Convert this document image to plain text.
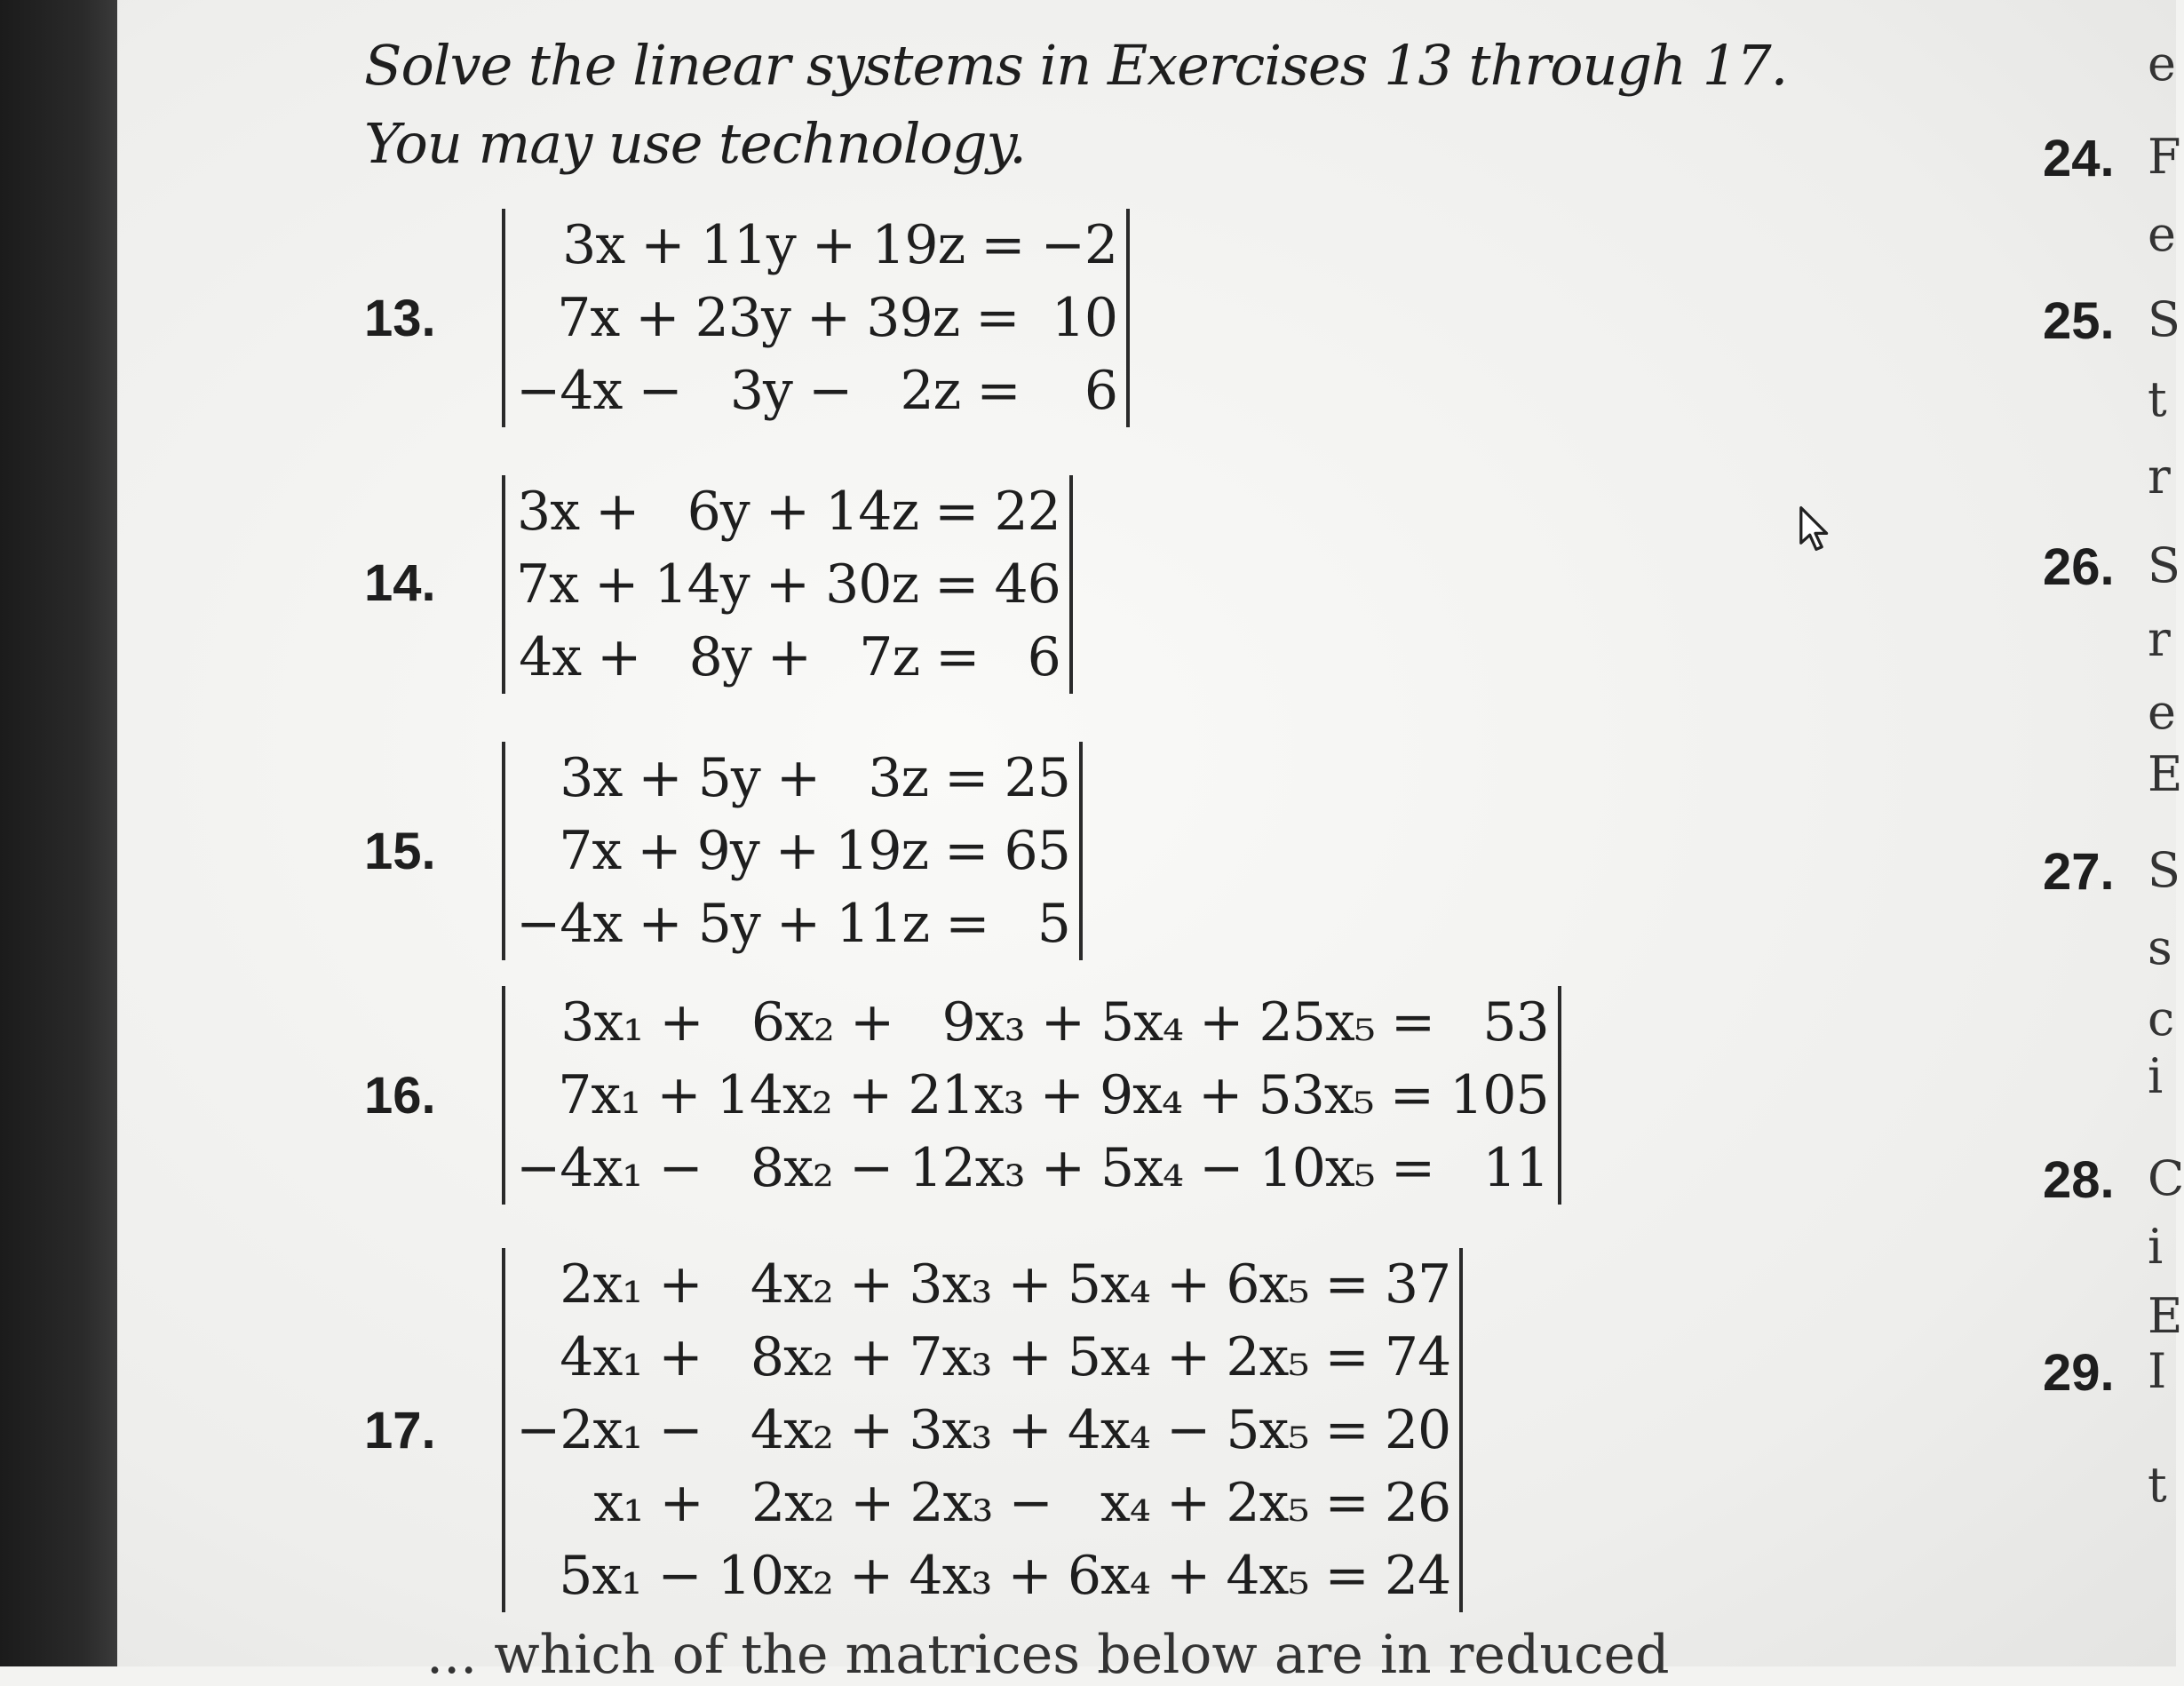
Solve the linear systems in Exercises 13 through 17. You may use technology.
13.
3x + 11y + 19z = −2
7x + 23y + 39z =  10
−4x −   3y −   2z =    6
14.
3x +   6y + 14z = 22
7x + 14y + 30z = 46
4x +   8y +   7z =   6
15.
3x + 5y +   3z = 25
7x + 9y + 19z = 65
−4x + 5y + 11z =   5
16.
3x₁ +   6x₂ +   9x₃ + 5x₄ + 25x₅ =   53
7x₁ + 14x₂ + 21x₃ + 9x₄ + 53x₅ = 105
−4x₁ −   8x₂ − 12x₃ + 5x₄ − 10x₅ =   11
17.
2x₁ +   4x₂ + 3x₃ + 5x₄ + 6x₅ = 37
4x₁ +   8x₂ + 7x₃ + 5x₄ + 2x₅ = 74
−2x₁ −   4x₂ + 3x₃ + 4x₄ − 5x₅ = 20
x₁ +   2x₂ + 2x₃ −   x₄ + 2x₅ = 26
5x₁ − 10x₂ + 4x₃ + 6x₄ + 4x₅ = 24
... which of the matrices below are in reduced
e
24. F
e
25. S
t
r
26. S
r
e
E
27. S
s
c
i
28. C
i
E
29. I
t
